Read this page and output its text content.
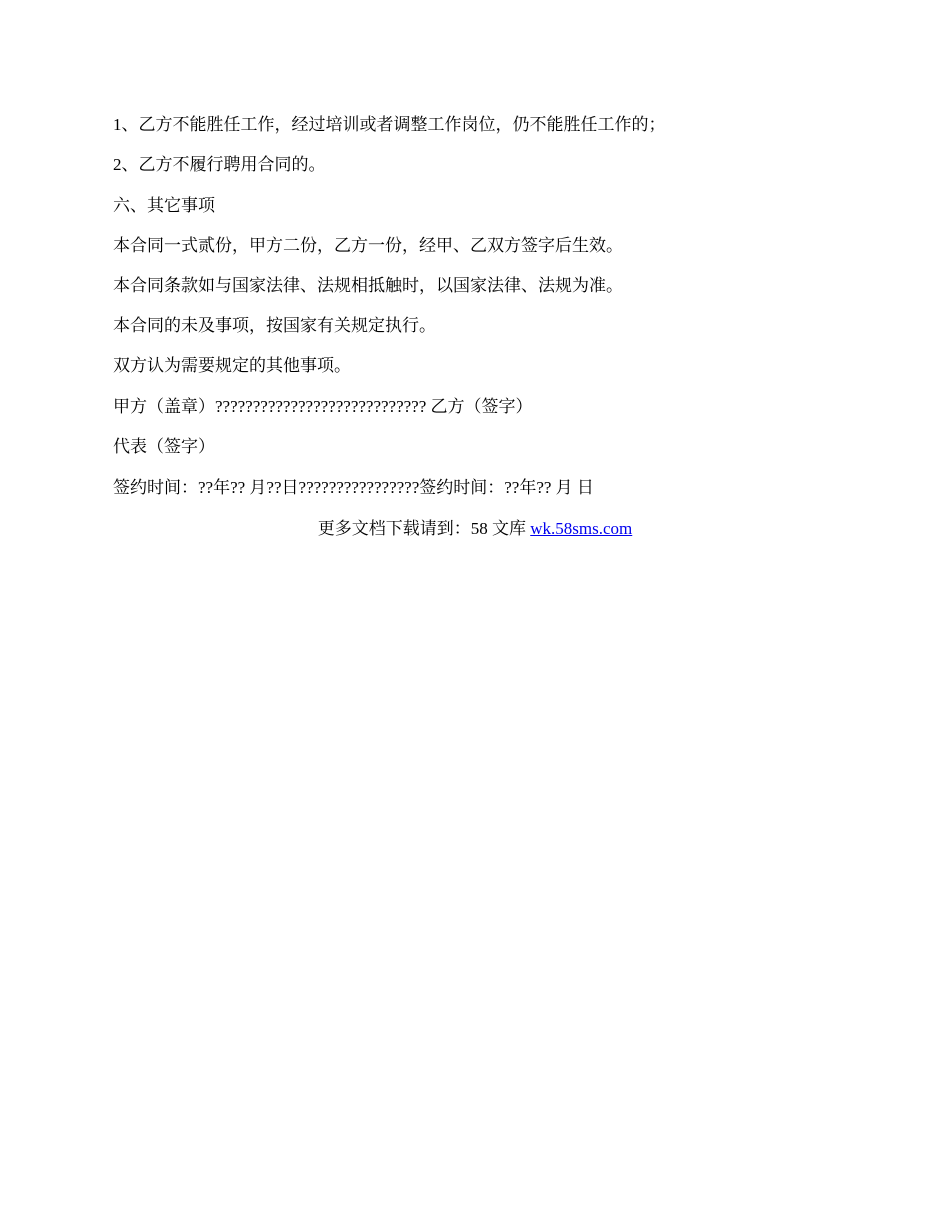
1、乙方不能胜任工作，经过培训或者调整工作岗位，仍不能胜任工作的；
2、乙方不履行聘用合同的。
六、其它事项
本合同一式贰份，甲方二份，乙方一份，经甲、乙双方签字后生效。
本合同条款如与国家法律、法规相抵触时，以国家法律、法规为准。
本合同的未及事项，按国家有关规定执行。
双方认为需要规定的其他事项。
甲方（盖章）???????????????????????????? 乙方（签字）
代表（签字）
签约时间：??年?? 月??日????????????????签约时间：??年?? 月 日
更多文档下载请到：58 文库 wk.58sms.com
